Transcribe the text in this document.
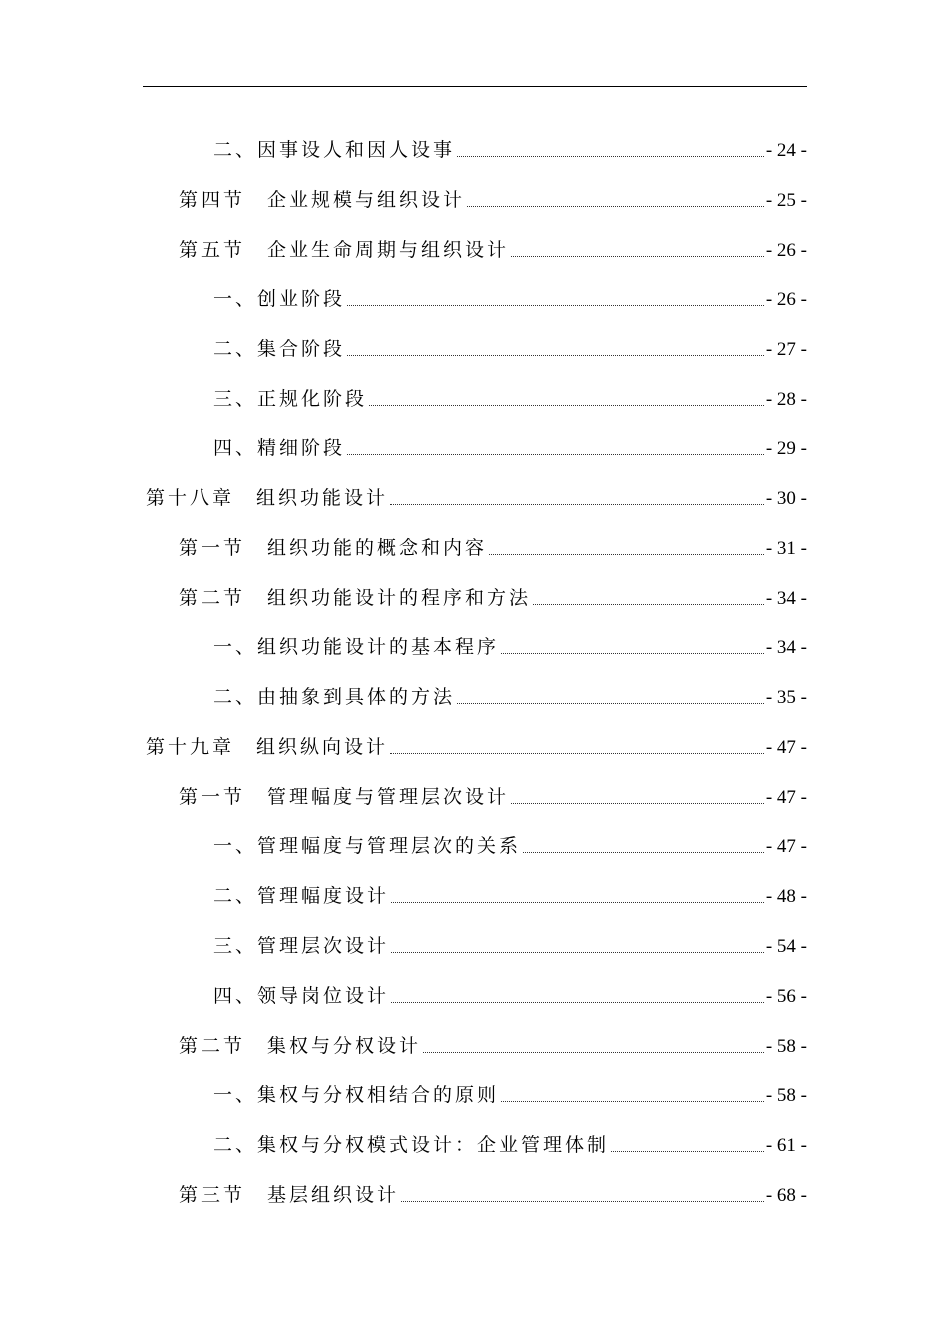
二、因事设人和因人设事	- 24 -
第四节　企业规模与组织设计	- 25 -
第五节　企业生命周期与组织设计	- 26 -
一、创业阶段	- 26 -
二、集合阶段	- 27 -
三、正规化阶段	- 28 -
四、精细阶段	- 29 -
第十八章　组织功能设计	- 30 -
第一节　组织功能的概念和内容	- 31 -
第二节　组织功能设计的程序和方法	- 34 -
一、组织功能设计的基本程序	- 34 -
二、由抽象到具体的方法	- 35 -
第十九章　组织纵向设计	- 47 -
第一节　管理幅度与管理层次设计	- 47 -
一、管理幅度与管理层次的关系	- 47 -
二、管理幅度设计	- 48 -
三、管理层次设计	- 54 -
四、领导岗位设计	- 56 -
第二节　集权与分权设计	- 58 -
一、集权与分权相结合的原则	- 58 -
二、集权与分权模式设计：企业管理体制	- 61 -
第三节　基层组织设计	- 68 -
